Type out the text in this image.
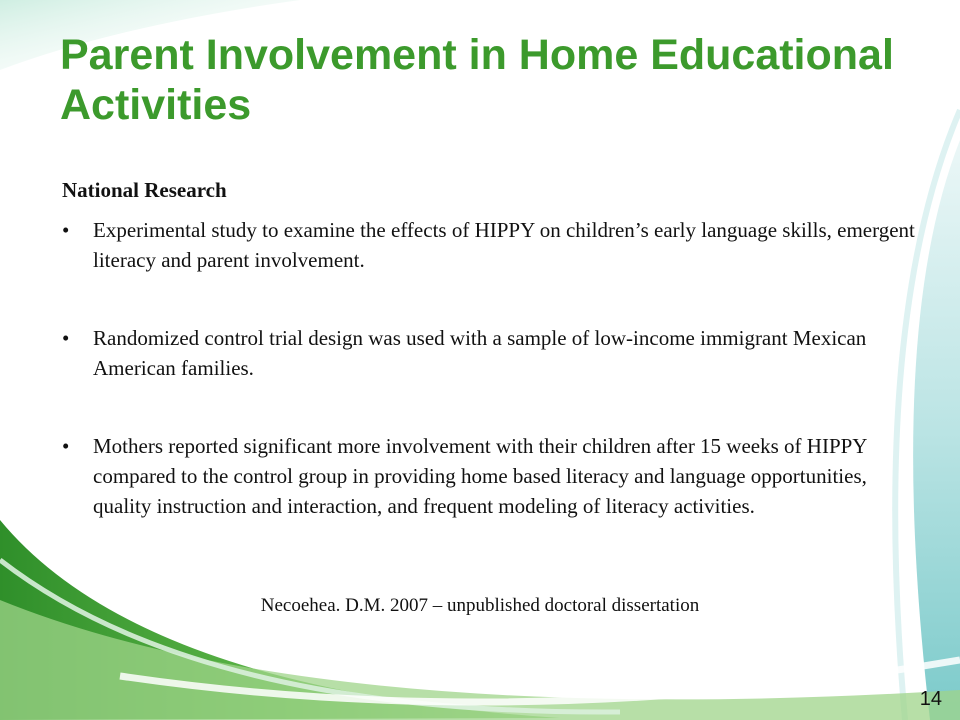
Parent Involvement in Home Educational Activities

National Research

• Experimental study to examine the effects of HIPPY on children’s early language skills, emergent literacy and parent involvement.
• Randomized control trial design was used with a sample of low-income immigrant Mexican American families.
• Mothers reported significant more involvement with their children after 15 weeks of HIPPY compared to the control group in providing home based literacy and language opportunities, quality instruction and interaction, and frequent modeling of literacy activities.
Necoehea. D.M. 2007 – unpublished doctoral dissertation
14
